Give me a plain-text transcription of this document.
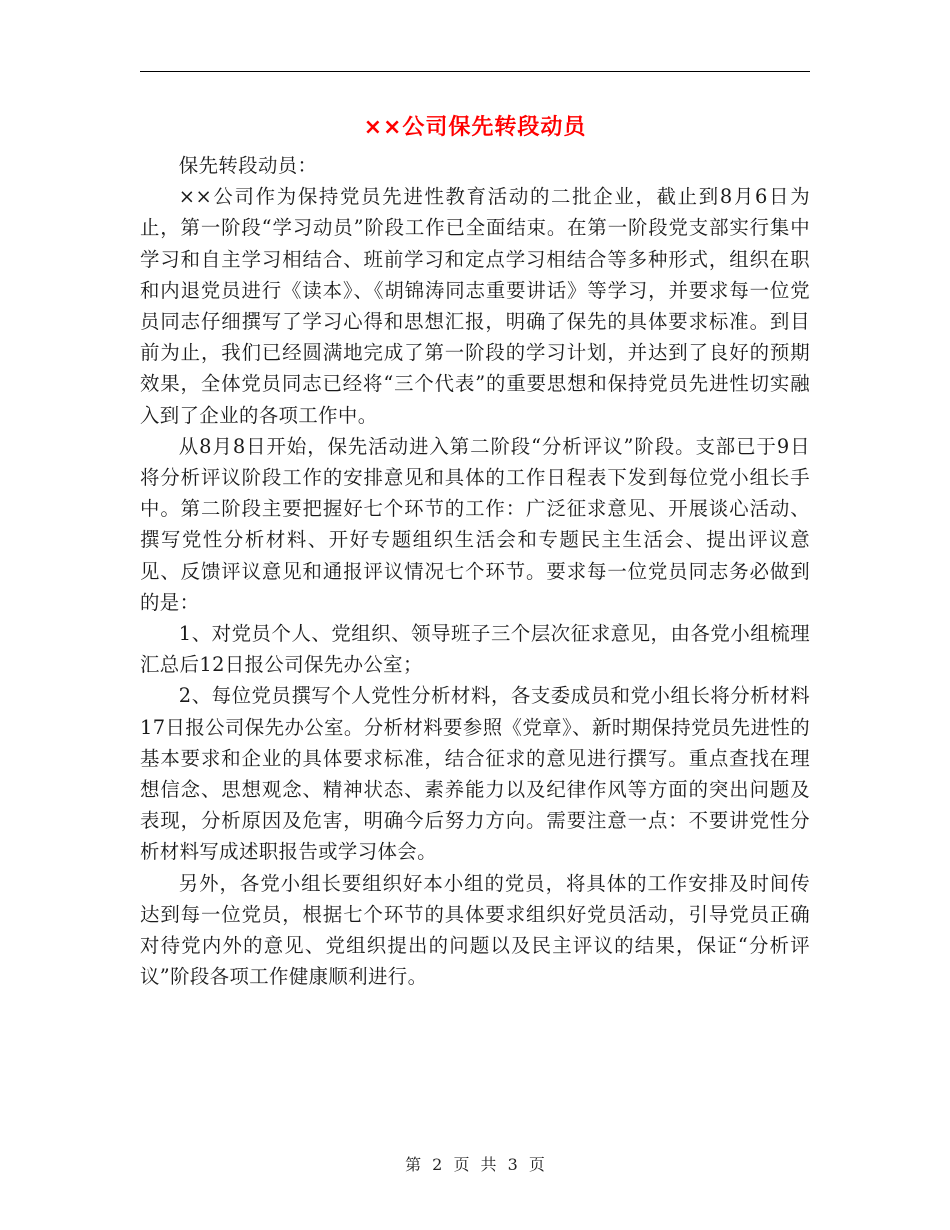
××公司保先转段动员

保先转段动员：

××公司作为保持党员先进性教育活动的二批企业，截止到8月6日为止，第一阶段“学习动员”阶段工作已全面结束。在第一阶段党支部实行集中学习和自主学习相结合、班前学习和定点学习相结合等多种形式，组织在职和内退党员进行《读本》、《胡锦涛同志重要讲话》等学习，并要求每一位党员同志仔细撰写了学习心得和思想汇报，明确了保先的具体要求标准。到目前为止，我们已经圆满地完成了第一阶段的学习计划，并达到了良好的预期效果，全体党员同志已经将“三个代表”的重要思想和保持党员先进性切实融入到了企业的各项工作中。

从8月8日开始，保先活动进入第二阶段“分析评议”阶段。支部已于9日将分析评议阶段工作的安排意见和具体的工作日程表下发到每位党小组长手中。第二阶段主要把握好七个环节的工作：广泛征求意见、开展谈心活动、撰写党性分析材料、开好专题组织生活会和专题民主生活会、提出评议意见、反馈评议意见和通报评议情况七个环节。要求每一位党员同志务必做到的是：

1、对党员个人、党组织、领导班子三个层次征求意见，由各党小组梳理汇总后12日报公司保先办公室；

2、每位党员撰写个人党性分析材料，各支委成员和党小组长将分析材料17日报公司保先办公室。分析材料要参照《党章》、新时期保持党员先进性的基本要求和企业的具体要求标准，结合征求的意见进行撰写。重点查找在理想信念、思想观念、精神状态、素养能力以及纪律作风等方面的突出问题及表现，分析原因及危害，明确今后努力方向。需要注意一点：不要讲党性分析材料写成述职报告或学习体会。

另外，各党小组长要组织好本小组的党员，将具体的工作安排及时间传达到每一位党员，根据七个环节的具体要求组织好党员活动，引导党员正确对待党内外的意见、党组织提出的问题以及民主评议的结果，保证“分析评议”阶段各项工作健康顺利进行。

第 2 页 共 3 页
